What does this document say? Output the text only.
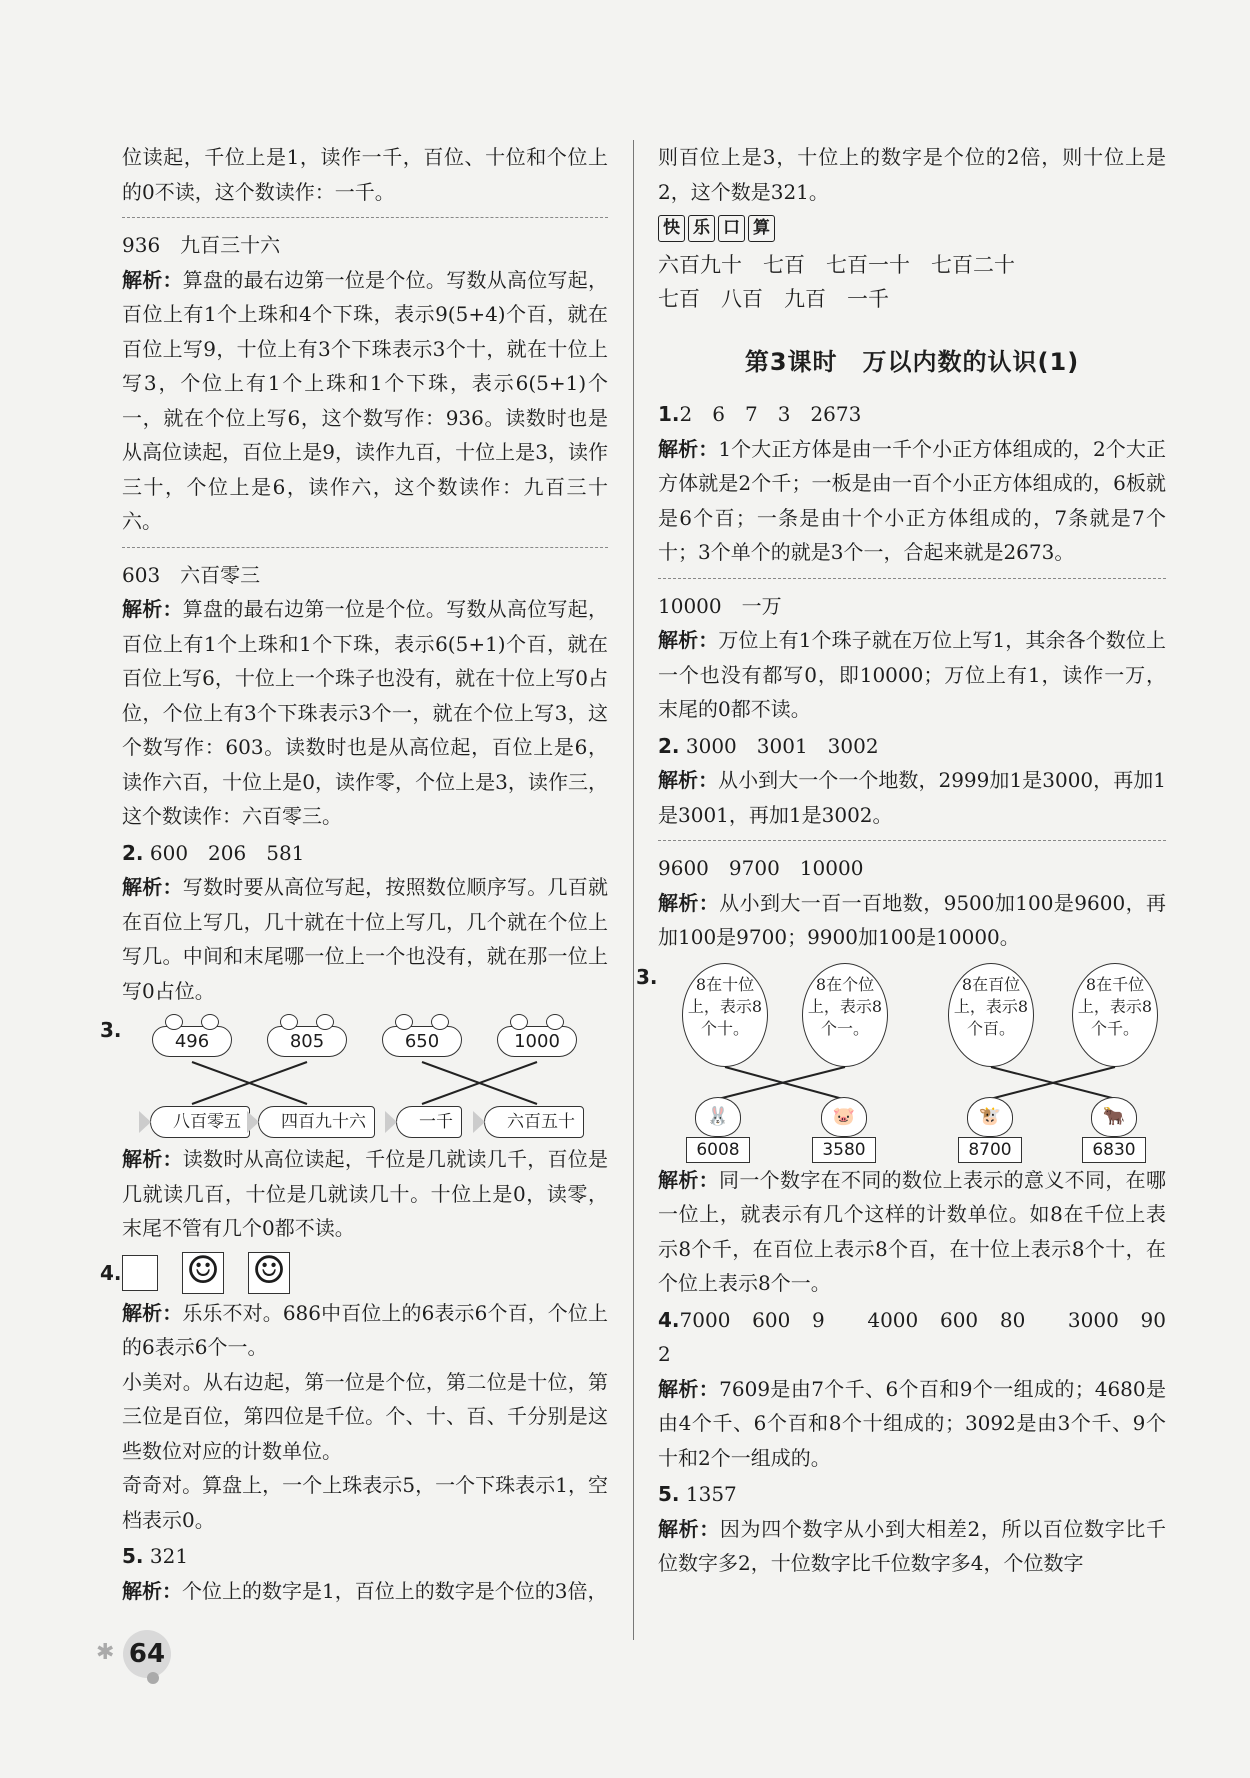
位读起，千位上是1，读作一千，百位、十位和个位上的0不读，这个数读作：一千。

936　九百三十六

解析：算盘的最右边第一位是个位。写数从高位写起，百位上有1个上珠和4个下珠，表示9(5+4)个百，就在百位上写9，十位上有3个下珠表示3个十，就在十位上写3，个位上有1个上珠和1个下珠，表示6(5+1)个一，就在个位上写6，这个数写作：936。读数时也是从高位读起，百位上是9，读作九百，十位上是3，读作三十，个位上是6，读作六，这个数读作：九百三十六。

603　六百零三

解析：算盘的最右边第一位是个位。写数从高位写起，百位上有1个上珠和1个下珠，表示6(5+1)个百，就在百位上写6，十位上一个珠子也没有，就在十位上写0占位，个位上有3个下珠表示3个一，就在个位上写3，这个数写作：603。读数时也是从高位起，百位上是6，读作六百，十位上是0，读作零，个位上是3，读作三，这个数读作：六百零三。

2. 600　206　581

解析：写数时要从高位写起，按照数位顺序写。几百就在百位上写几，几十就在十位上写几，几个就在个位上写几。中间和末尾哪一位上一个也没有，就在那一位上写0占位。

3.	496	805	650	1000
八百零五	四百九十六	一千	六百五十

解析：读数时从高位读起，千位是几就读几千，百位是几就读几百，十位是几就读几十。十位上是0，读零，末尾不管有几个0都不读。

4. ☺ ☺

解析：乐乐不对。686中百位上的6表示6个百，个位上的6表示6个一。

小美对。从右边起，第一位是个位，第二位是十位，第三位是百位，第四位是千位。个、十、百、千分别是这些数位对应的计数单位。

奇奇对。算盘上，一个上珠表示5，一个下珠表示1，空档表示0。

5. 321

解析：个位上的数字是1，百位上的数字是个位的3倍，

则百位上是3，十位上的数字是个位的2倍，则十位上是2，这个数是321。

快 乐 口 算

六百九十　七百　七百一十　七百二十

七百　八百　九百　一千

第3课时　万以内数的认识(1)

1.2　6　7　3　2673

解析：1个大正方体是由一千个小正方体组成的，2个大正方体就是2个千；一板是由一百个小正方体组成的，6板就是6个百；一条是由十个小正方体组成的，7条就是7个十；3个单个的就是3个一，合起来就是2673。

10000　一万

解析：万位上有1个珠子就在万位上写1，其余各个数位上一个也没有都写0，即10000；万位上有1，读作一万，末尾的0都不读。

2. 3000　3001　3002

解析：从小到大一个一个地数，2999加1是3000，再加1是3001，再加1是3002。

9600　9700　10000

解析：从小到大一百一百地数，9500加100是9600，再加100是9700；9900加100是10000。

3.	8在十位上，表示8个十。
8在个位上，表示8个一。
8在百位上，表示8个百。
8在千位上，表示8个千。
🐰
6008
🐷
3580
🐮
8700
🐂
6830

解析：同一个数字在不同的数位上表示的意义不同，在哪一位上，就表示有几个这样的计数单位。如8在千位上表示8个千，在百位上表示8个百，在十位上表示8个十，在个位上表示8个一。

4.7000　600　9　　4000　600　80　　3000　90　2

解析：7609是由7个千、6个百和9个一组成的；4680是由4个千、6个百和8个十组成的；3092是由3个千、9个十和2个一组成的。

5. 1357

解析：因为四个数字从小到大相差2，所以百位数字比千位数字多2，十位数字比千位数字多4，个位数字

✱ 64
